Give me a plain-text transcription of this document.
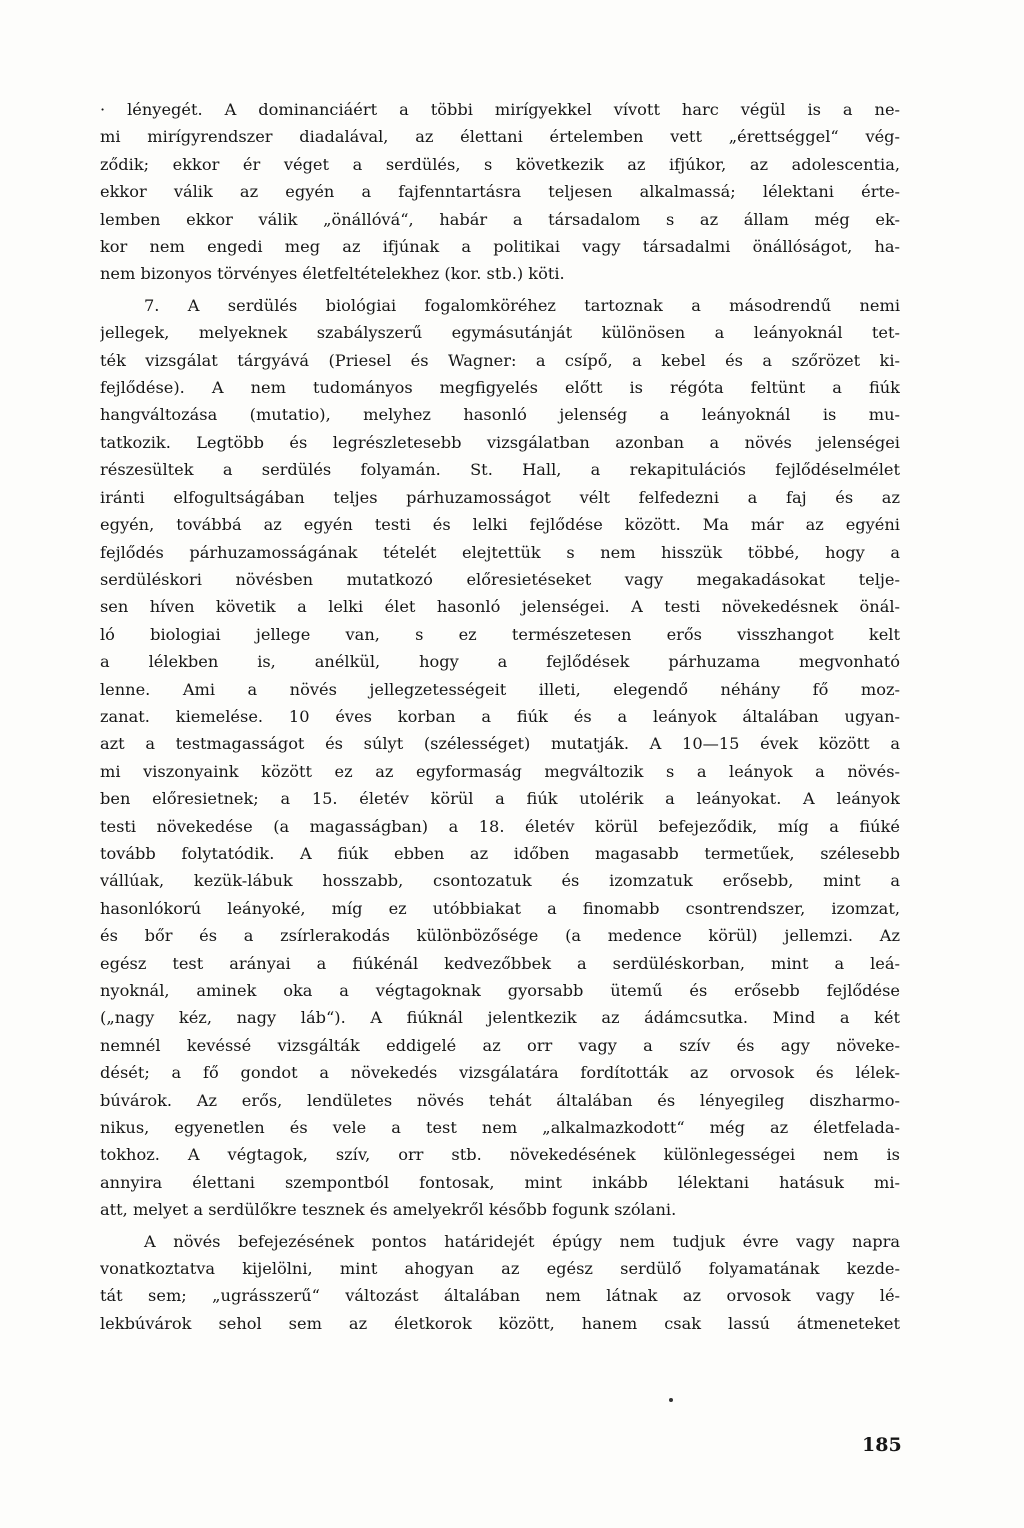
· lényegét. A dominanciáért a többi mirígyekkel vívott harc végül is a ne-

mi mirígyrendszer diadalával, az élettani értelemben vett „érettséggel“ vég-

ződik; ekkor ér véget a serdülés, s következik az ifjúkor, az adolescentia,

ekkor válik az egyén a fajfenntartásra teljesen alkalmassá; lélektani érte-

lemben ekkor válik „önállóvá“, habár a társadalom s az állam még ek-

kor nem engedi meg az ifjúnak a politikai vagy társadalmi önállóságot, ha-

nem bizonyos törvényes életfeltételekhez (kor. stb.) köti.

7. A serdülés biológiai fogalomköréhez tartoznak a másodrendű nemi

jellegek, melyeknek szabályszerű egymásutánját különösen a leányoknál tet-

ték vizsgálat tárgyává (Priesel és Wagner: a csípő, a kebel és a szőrözet ki-

fejlődése). A nem tudományos megfigyelés előtt is régóta feltünt a fiúk

hangváltozása (mutatio), melyhez hasonló jelenség a leányoknál is mu-

tatkozik. Legtöbb és legrészletesebb vizsgálatban azonban a növés jelenségei

részesültek a serdülés folyamán. St. Hall, a rekapitulációs fejlődéselmélet

iránti elfogultságában teljes párhuzamosságot vélt felfedezni a faj és az

egyén, továbbá az egyén testi és lelki fejlődése között. Ma már az egyéni

fejlődés párhuzamosságának tételét elejtettük s nem hisszük többé, hogy a

serdüléskori növésben mutatkozó előresietéseket vagy megakadásokat telje-

sen híven követik a lelki élet hasonló jelenségei. A testi növekedésnek önál-

ló biologiai jellege van, s ez természetesen erős visszhangot kelt

a lélekben is, anélkül, hogy a fejlődések párhuzama megvonható

lenne. Ami a növés jellegzetességeit illeti, elegendő néhány fő moz-

zanat. kiemelése. 10 éves korban a fiúk és a leányok általában ugyan-

azt a testmagasságot és súlyt (szélességet) mutatják. A 10—15 évek között a

mi viszonyaink között ez az egyformaság megváltozik s a leányok a növés-

ben előresietnek; a 15. életév körül a fiúk utolérik a leányokat. A leányok

testi növekedése (a magasságban) a 18. életév körül befejeződik, míg a fiúké

tovább folytatódik. A fiúk ebben az időben magasabb termetűek, szélesebb

vállúak, kezük-lábuk hosszabb, csontozatuk és izomzatuk erősebb, mint a

hasonlókorú leányoké, míg ez utóbbiakat a finomabb csontrendszer, izomzat,

és bőr és a zsírlerakodás különbözősége (a medence körül) jellemzi. Az

egész test arányai a fiúkénál kedvezőbbek a serdüléskorban, mint a leá-

nyoknál, aminek oka a végtagoknak gyorsabb ütemű és erősebb fejlődése

(„nagy kéz, nagy láb“). A fiúknál jelentkezik az ádámcsutka. Mind a két

nemnél kevéssé vizsgálták eddigelé az orr vagy a szív és agy növeke-

dését; a fő gondot a növekedés vizsgálatára fordították az orvosok és lélek-

búvárok. Az erős, lendületes növés tehát általában és lényegileg diszharmo-

nikus, egyenetlen és vele a test nem „alkalmazkodott“ még az életfelada-

tokhoz. A végtagok, szív, orr stb. növekedésének különlegességei nem is

annyira élettani szempontból fontosak, mint inkább lélektani hatásuk mi-

att, melyet a serdülőkre tesznek és amelyekről később fogunk szólani.

A növés befejezésének pontos határidejét épúgy nem tudjuk évre vagy napra

vonatkoztatva kijelölni, mint ahogyan az egész serdülő folyamatának kezde-

tát sem; „ugrásszerű“ változást általában nem látnak az orvosok vagy lé-

lekbúvárok sehol sem az életkorok között, hanem csak lassú átmeneteket

185
